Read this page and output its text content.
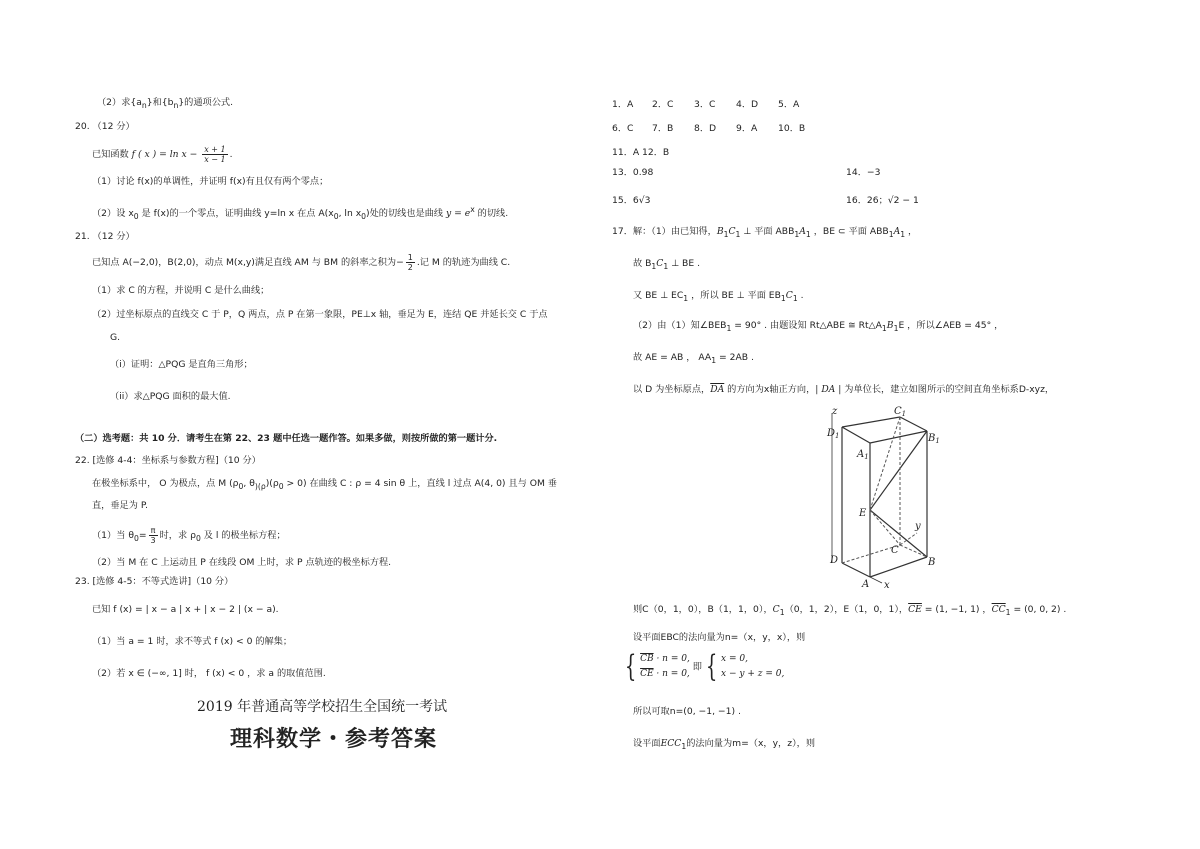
（2）求$\{a_n\}$和$\{b_n\}$的通项公式.
20. （12 分）
已知函数 f ( x ) = $\ln x - \frac{x + 1}{x - 1}$ .
（1）讨论 f(x)的单调性，并证明 f(x)有且仅有两个零点；
（2）设 $x_0$ 是 f(x)的一个零点，证明曲线 y=ln x 在点 $A(x_0$, $\ln x_0$)处的切线也是曲线 $y = e^x$ 的切线.
21. （12 分）
已知点 A(−2,0)，B(2,0)，动点 M(x,y)满足直线 AM 与 BM 的斜率之积为− $\frac{1}{2}$ .记 M 的轨迹为曲线 C.
（1）求 C 的方程，并说明 C 是什么曲线；
（2）过坐标原点的直线交 C 于 P，Q 两点，点 P 在第一象限，PE⊥x 轴，垂足为 E，连结 QE 并延长交 C 于点
G.
（i）证明：△PQG 是直角三角形；
（ii）求△PQG 面积的最大值.
（二）选考题：共 10 分．请考生在第 22、23 题中任选一题作答。如果多做，则按所做的第一题计分.
22. [选修 4-4：坐标系与参数方程]（10 分）
在极坐标系中， O 为极点，点 M ($\rho_0$, $\theta_{)(\rho})(\rho_0 > 0)$ 在曲线 C : ρ = 4 sin θ 上，直线 l 过点 A(4, 0) 且与 OM 垂
直，垂足为 P.
（1）当 $\theta_0= \frac{\pi}{3}$ 时，求 $\rho_0$ 及 l 的极坐标方程；
（2）当 M 在 C 上运动且 P 在线段 OM 上时，求 P 点轨迹的极坐标方程.
23. [选修 4-5：不等式选讲]（10 分）
已知 f (x) = | x − a | x + | x − 2 | (x − a).
（1）当 a = 1 时，求不等式 f (x) < 0 的解集；
（2）若 x ∈ (−∞, 1] 时， f (x) < 0 ，求 a 的取值范围.
2019 年普通高等学校招生全国统一考试
理科数学・参考答案
1．A 2．C 3．C 4．D 5．A
6．C 7．B 8．D 9．A 10．B
11．A 12．B
13．0.98	14．−3
15．6√3	16．26；√2 − 1
17．解：（1）由已知得，$B_1C_1$ ⊥ 平面 $ABB_1A_1$ ，BE ⊂ 平面 $ABB_1A_1$ ，
故 $B_1C_1$ ⊥ BE .
又 BE ⊥ $EC_1$ ，所以 BE ⊥ 平面 $EB_1C_1$ .
（2）由（1）知$\angle BEB_1 = 90^\circ$ . 由题设知 Rt△ABE ≅ $Rt\triangle A_1B_1E$ ，所以∠AEB = 45° ，
故 AE = AB ， $AA_1 = 2AB$ .
以 D 为坐标原点，$\overline{DA}$ 的方向为x轴正方向，| DA | 为单位长，建立如图所示的空间直角坐标系D-xyz，
z	$C_1$
$D_1$	$B_1$
$A_1$
E
y
C
D	B
A x
则C（0，1，0），B（1，1，0），$C_1(0$，1，2），E（1，0，1），$\overline{CE} = (1$, −1, 1) ，$\overline{CC}_1 = (0$, 0, 2) .
设平面EBC的法向量为n=（x，y，x），则
{ $\overline{CB} \cdot n = 0$,
$\overline{CE} \cdot n = 0$, 即 { x = 0,
x − y + z = 0,
所以可取n=(0, −1, −1) .
设平面$ECC_1$的法向量为m=（x，y，z），则
